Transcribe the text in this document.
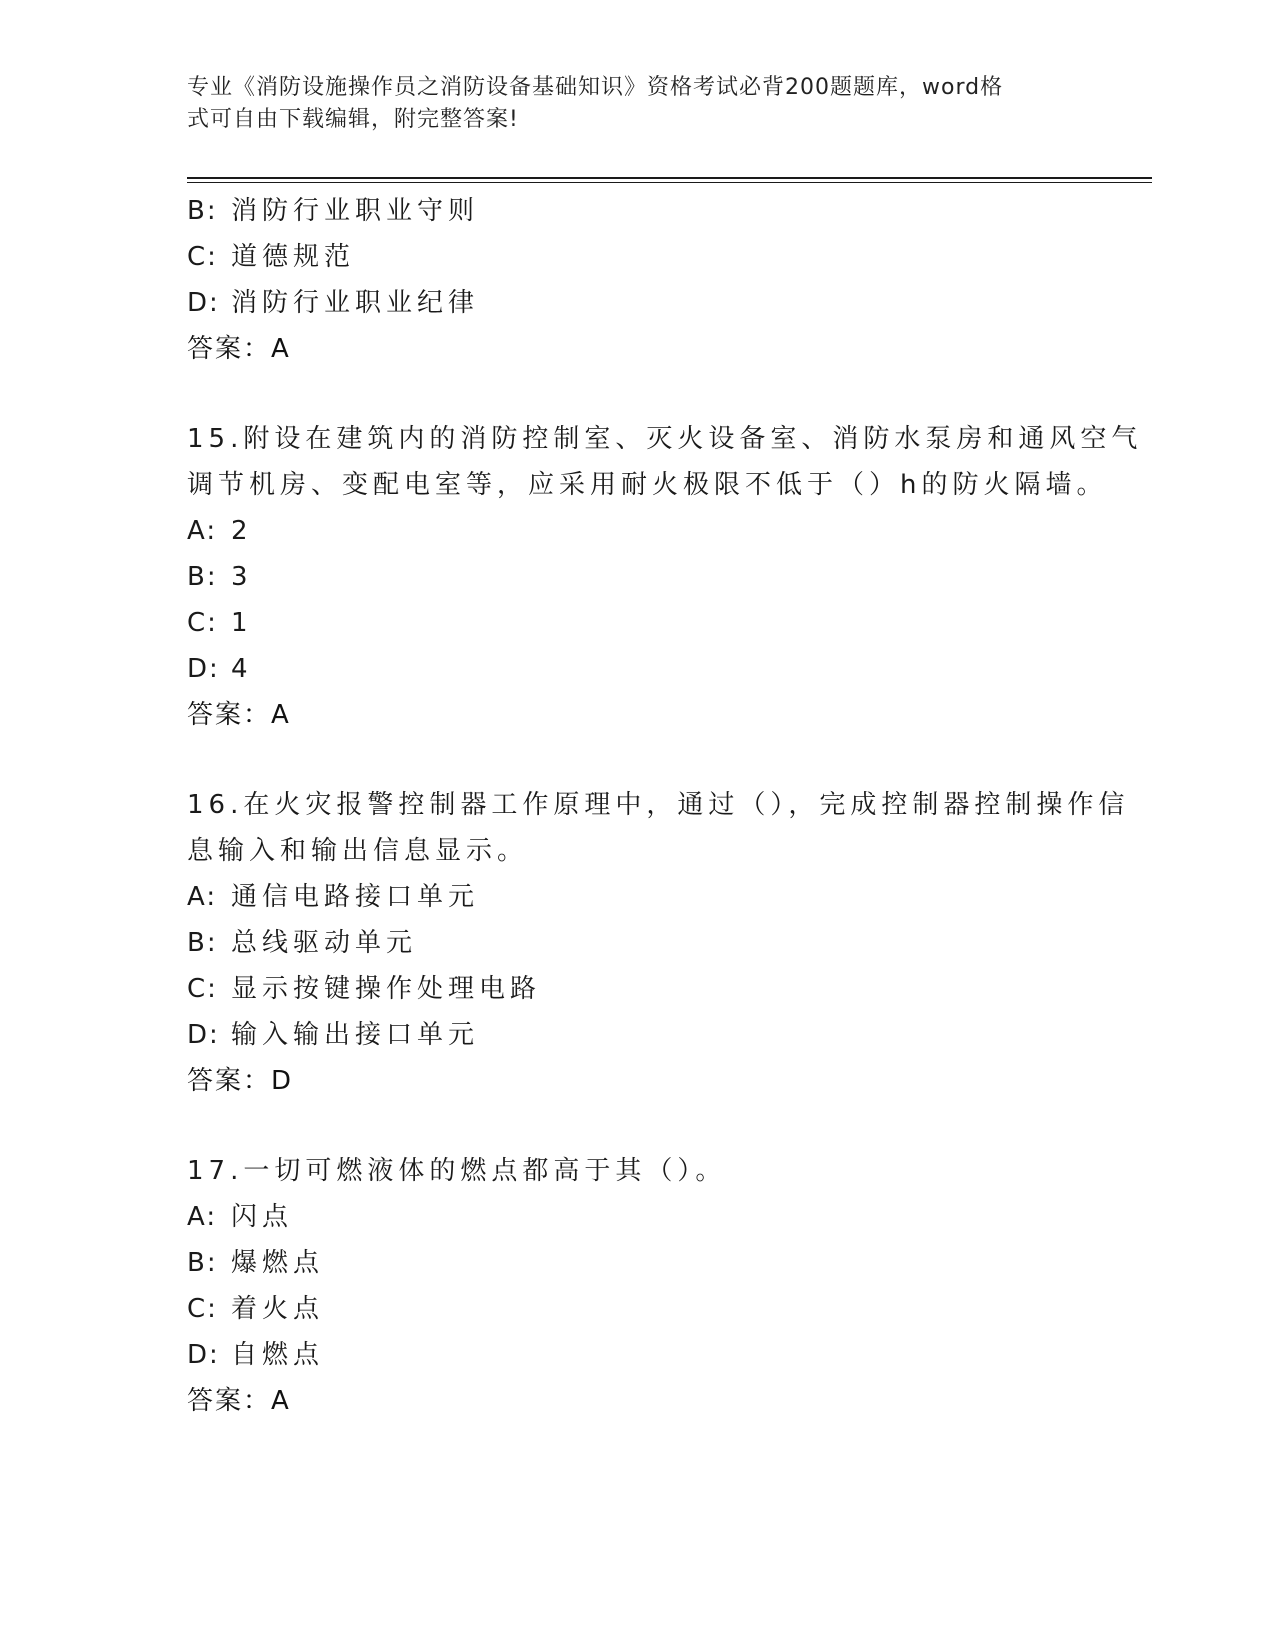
专业《消防设施操作员之消防设备基础知识》资格考试必背200题题库，word格
式可自由下载编辑，附完整答案!
B: 消防行业职业守则
C: 道德规范
D: 消防行业职业纪律
答案：A
15.附设在建筑内的消防控制室、灭火设备室、消防水泵房和通风空气
调节机房、变配电室等，应采用耐火极限不低于（）h的防火隔墙。
A: 2
B: 3
C: 1
D: 4
答案：A
16.在火灾报警控制器工作原理中，通过（），完成控制器控制操作信
息输入和输出信息显示。
A: 通信电路接口单元
B: 总线驱动单元
C: 显示按键操作处理电路
D: 输入输出接口单元
答案：D
17.一切可燃液体的燃点都高于其（）。
A: 闪点
B: 爆燃点
C: 着火点
D: 自燃点
答案：A
